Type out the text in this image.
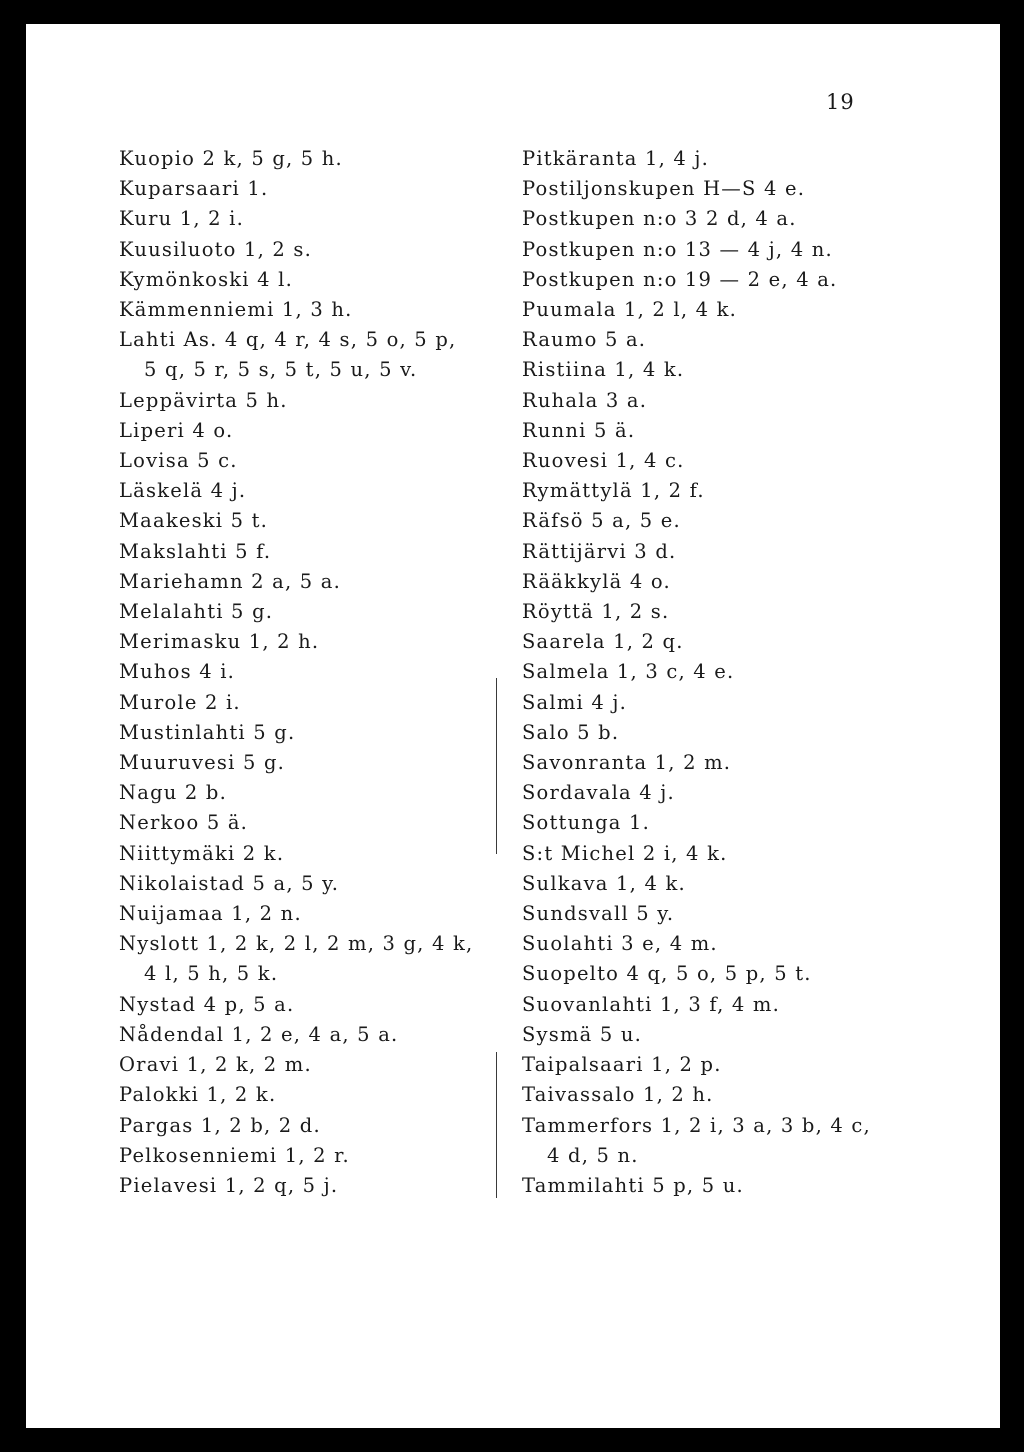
19
Kuopio 2 k, 5 g, 5 h.
Kuparsaari 1.
Kuru 1, 2 i.
Kuusiluoto 1, 2 s.
Kymönkoski 4 l.
Kämmenniemi 1, 3 h.
Lahti As. 4 q, 4 r, 4 s, 5 o, 5 p,
5 q, 5 r, 5 s, 5 t, 5 u, 5 v.
Leppävirta 5 h.
Liperi 4 o.
Lovisa 5 c.
Läskelä 4 j.
Maakeski 5 t.
Makslahti 5 f.
Mariehamn 2 a, 5 a.
Melalahti 5 g.
Merimasku 1, 2 h.
Muhos 4 i.
Murole 2 i.
Mustinlahti 5 g.
Muuruvesi 5 g.
Nagu 2 b.
Nerkoo 5 ä.
Niittymäki 2 k.
Nikolaistad 5 a, 5 y.
Nuijamaa 1, 2 n.
Nyslott 1, 2 k, 2 l, 2 m, 3 g, 4 k,
4 l, 5 h, 5 k.
Nystad 4 p, 5 a.
Nådendal 1, 2 e, 4 a, 5 a.
Oravi 1, 2 k, 2 m.
Palokki 1, 2 k.
Pargas 1, 2 b, 2 d.
Pelkosenniemi 1, 2 r.
Pielavesi 1, 2 q, 5 j.
Pitkäranta 1, 4 j.
Postiljonskupen H—S 4 e.
Postkupen n:o 3 2 d, 4 a.
Postkupen n:o 13 — 4 j, 4 n.
Postkupen n:o 19 — 2 e, 4 a.
Puumala 1, 2 l, 4 k.
Raumo 5 a.
Ristiina 1, 4 k.
Ruhala 3 a.
Runni 5 ä.
Ruovesi 1, 4 c.
Rymättylä 1, 2 f.
Räfsö 5 a, 5 e.
Rättijärvi 3 d.
Rääkkylä 4 o.
Röyttä 1, 2 s.
Saarela 1, 2 q.
Salmela 1, 3 c, 4 e.
Salmi 4 j.
Salo 5 b.
Savonranta 1, 2 m.
Sordavala 4 j.
Sottunga 1.
S:t Michel 2 i, 4 k.
Sulkava 1, 4 k.
Sundsvall 5 y.
Suolahti 3 e, 4 m.
Suopelto 4 q, 5 o, 5 p, 5 t.
Suovanlahti 1, 3 f, 4 m.
Sysmä 5 u.
Taipalsaari 1, 2 p.
Taivassalo 1, 2 h.
Tammerfors 1, 2 i, 3 a, 3 b, 4 c,
4 d, 5 n.
Tammilahti 5 p, 5 u.
